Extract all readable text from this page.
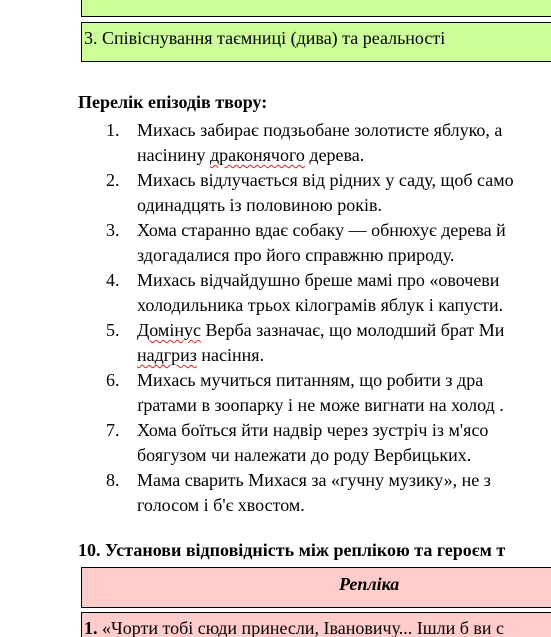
3. Співіснування таємниці (дива) та реальності
Перелік епізодів твору:
1. Михась забирає подзьобане золотисте яблуко, а
насінину драконячого дерева.
2. Михась відлучається від рідних у саду, щоб само
одинадцять із половиною років.
3. Хома старанно вдає собаку — обнюхує дерева й
здогадалися про його справжню природу.
4. Михась відчайдушно бреше мамі про «овочеви
холодильника трьох кілограмів яблук і капусти.
5. Домінус Верба зазначає, що молодший брат Ми
надгриз насіння.
6. Михась мучиться питанням, що робити з дра
ґратами в зоопарку і не може вигнати на холод .
7. Хома боїться йти надвір через зустріч із м'ясо
боягузом чи належати до роду Вербицьких.
8. Мама сварить Михася за «гучну музику», не з
голосом і б'є хвостом.
10. Установи відповідність між реплікою та героєм т
Репліка
1. «Чорти тобі сюди принесли, Івановичу... Ішли б ви с
